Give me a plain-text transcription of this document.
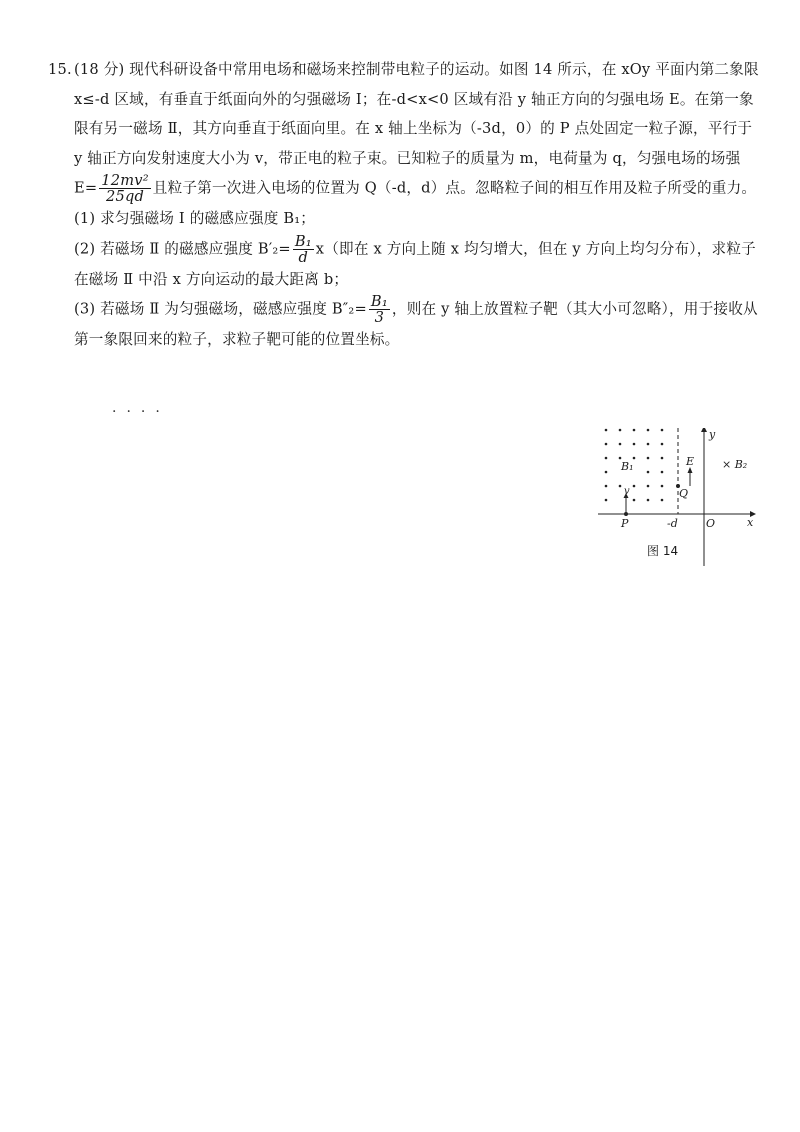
15. (18 分) 现代科研设备中常用电场和磁场来控制带电粒子的运动。如图 14 所示，在 xOy 平面内第二象限 x≤-d 区域，有垂直于纸面向外的匀强磁场 Ⅰ；在-d<x<0 区域有沿 y 轴正方向的匀强电场 E。在第一象限有另一磁场 Ⅱ，其方向垂直于纸面向里。在 x 轴上坐标为（-3d，0）的 P 点处固定一粒子源，平行于 y 轴正方向发射速度大小为 v，带正电的粒子束。已知粒子的质量为 m，电荷量为 q，匀强电场的场强 $E= \frac{\text{12mv²}}{25qd}$ 且粒子第一次进入电场的位置为 Q（-d，d）点。忽略粒子间的相互作用及粒子所受的重力。

(1) 求匀强磁场 Ⅰ 的磁感应强度 B₁；

(2) 若磁场 Ⅱ 的磁感应强度 $B'_2= \frac{\text{B₁}}{d} x$（即在 x 方向上随 x 均匀增大，但在 y 方向上均匀分布），求粒子在磁场 Ⅱ 中沿 x 方向运动的最大距离 b；

(3) 若磁场 Ⅱ 为匀强磁场，磁感应强度 $B''_2= \frac{\text{B₁}}{3}$ ，则在 y 轴上放置粒子靶（其大小可忽略），用于接收从第一象限回来的粒子，求粒子靶可能的位置坐标。

····
y
x
O
P	-d
Q
E
B₁	× B₂
v
图 14
